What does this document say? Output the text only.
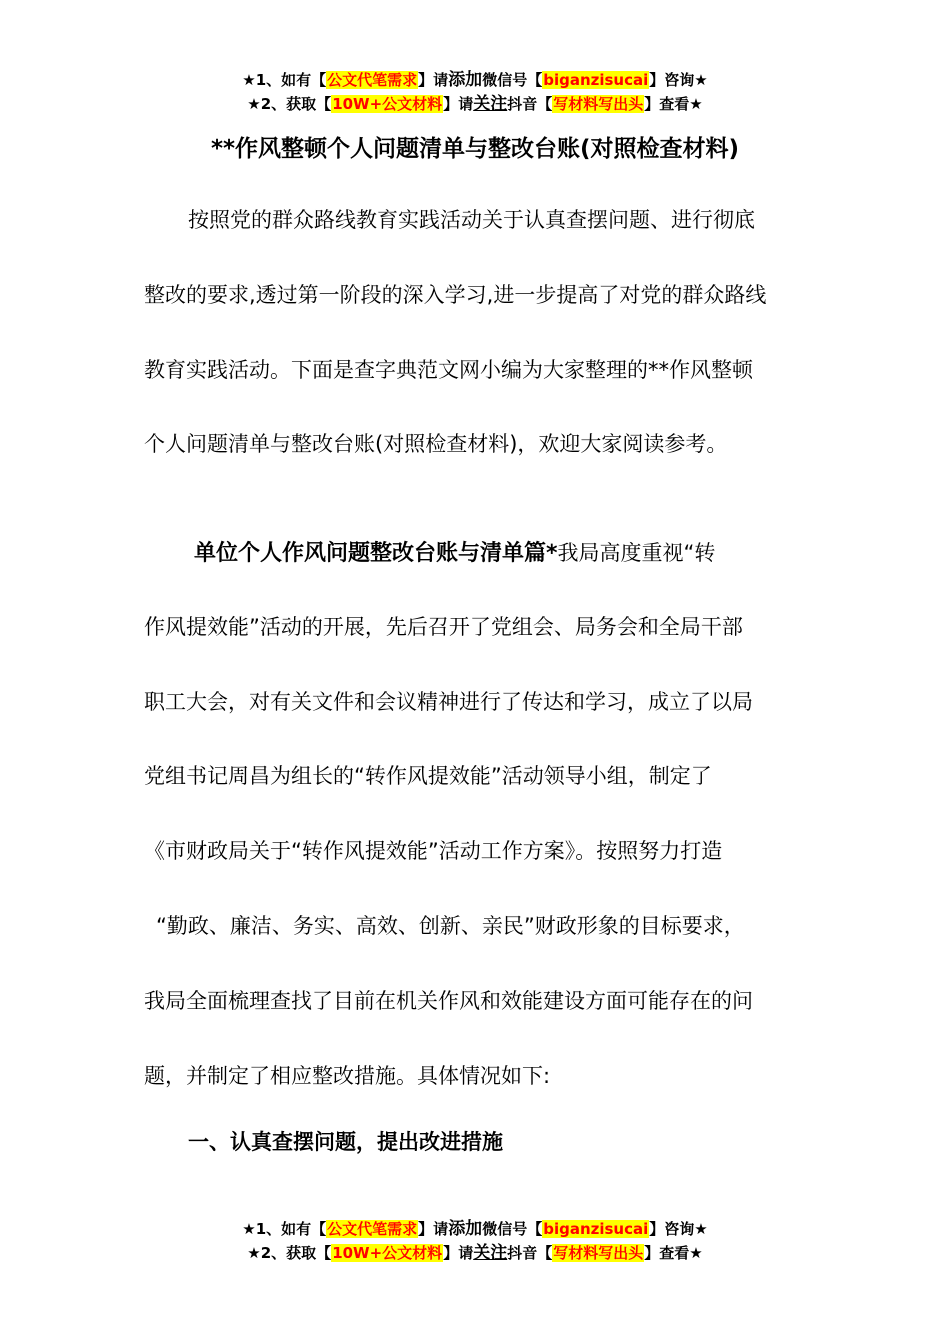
★1、如有【公文代笔需求】请添加微信号【biganzisucai】咨询★
★2、获取【10W+公文材料】请关注抖音【写材料写出头】查看★
**作风整顿个人问题清单与整改台账(对照检查材料)
按照党的群众路线教育实践活动关于认真查摆问题、进行彻底
整改的要求,透过第一阶段的深入学习,进一步提高了对党的群众路线
教育实践活动。下面是查字典范文网小编为大家整理的**作风整顿
个人问题清单与整改台账(对照检查材料)，欢迎大家阅读参考。
单位个人作风问题整改台账与清单篇*我局高度重视“转
作风提效能”活动的开展，先后召开了党组会、局务会和全局干部
职工大会，对有关文件和会议精神进行了传达和学习，成立了以局
党组书记周昌为组长的“转作风提效能”活动领导小组，制定了
《市财政局关于“转作风提效能”活动工作方案》。按照努力打造
“勤政、廉洁、务实、高效、创新、亲民”财政形象的目标要求，
我局全面梳理查找了目前在机关作风和效能建设方面可能存在的问
题，并制定了相应整改措施。具体情况如下:
一、认真查摆问题，提出改进措施
★1、如有【公文代笔需求】请添加微信号【biganzisucai】咨询★
★2、获取【10W+公文材料】请关注抖音【写材料写出头】查看★
